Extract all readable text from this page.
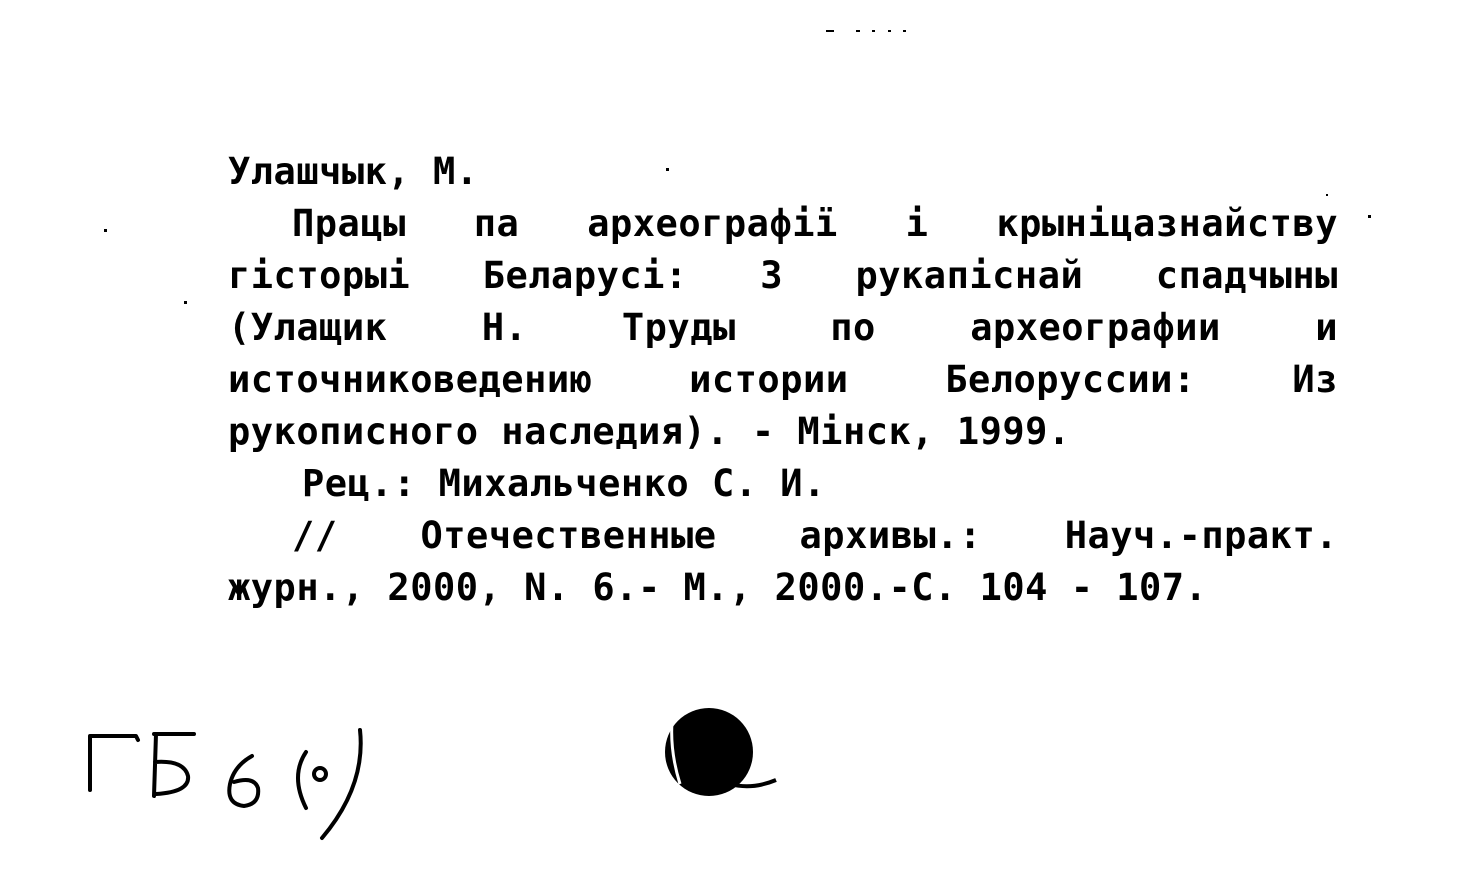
Улашчык, М.
Працы па археографії і крыніцазнайству
гісторыі Беларусі: З рукапіснай спадчыны
(Улащик	Н.	Труды	по	археографии	и
источниковедению	истории	Белоруссии:	Из
рукописного наследия). - Мінск, 1999.
Рец.: Михальченко С. И.
// Отечественные архивы.: Науч.-практ.
журн., 2000, N. 6.- М., 2000.-С. 104 - 107.
